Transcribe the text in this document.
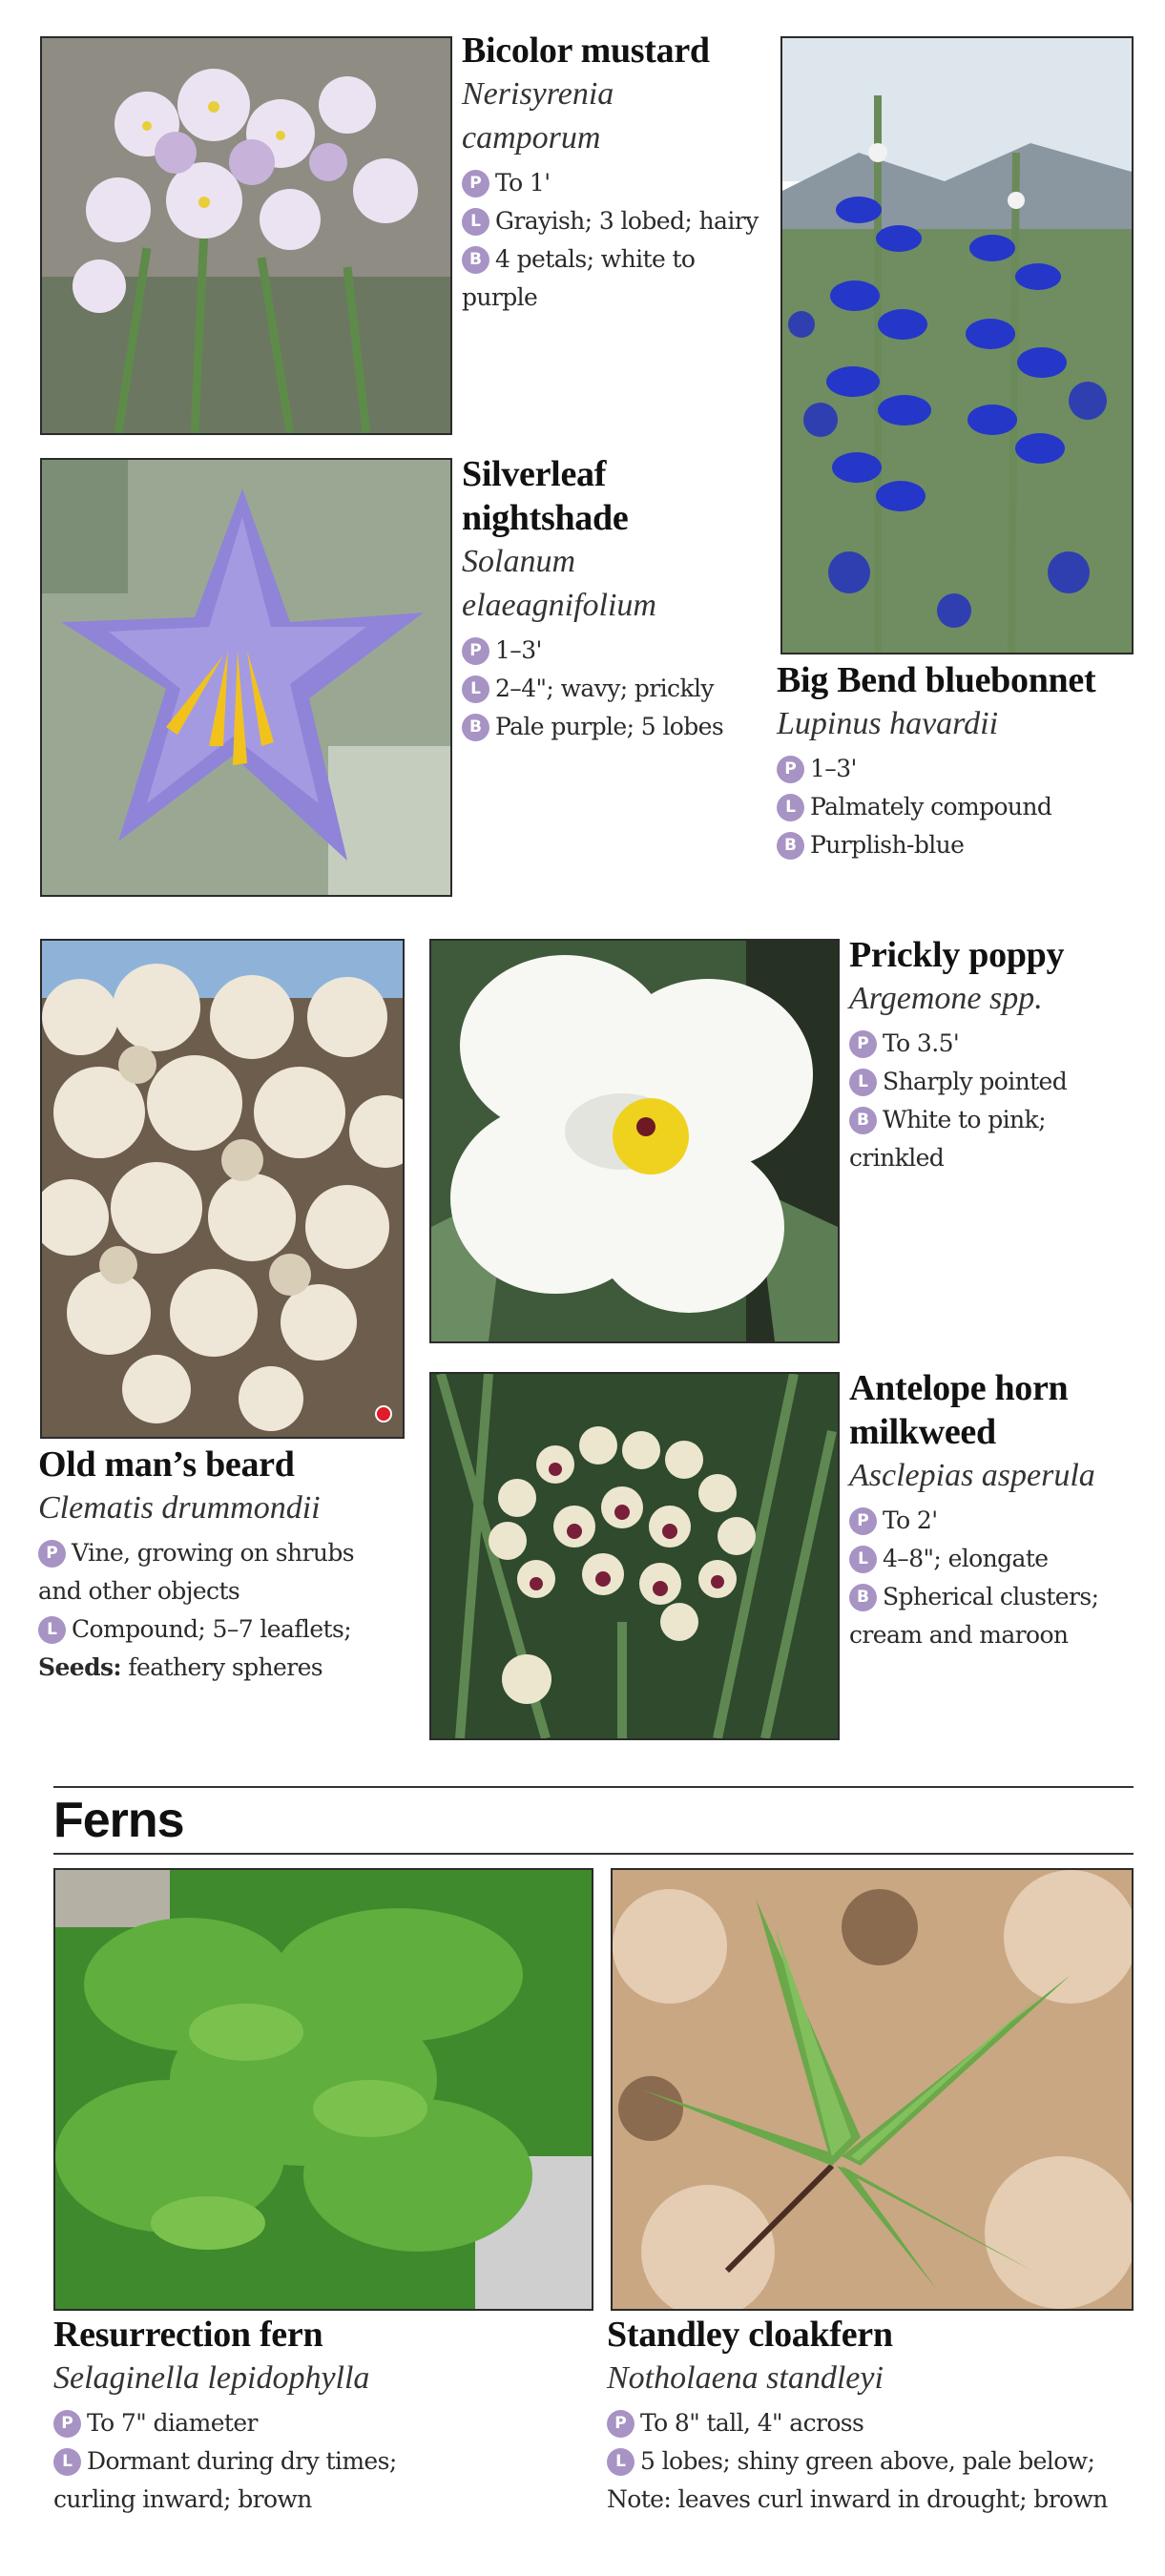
Bicolor mustard
Nerisyrenia
camporum
P To 1'
L Grayish; 3 lobed; hairy
B 4 petals; white to
purple
Silverleaf
nightshade
Solanum
elaeagnifolium
P 1–3'
L 2–4"; wavy; prickly
B Pale purple; 5 lobes
Big Bend bluebonnet
Lupinus havardii
P 1–3'
L Palmately compound
B Purplish-blue
Prickly poppy
Argemone spp.
P To 3.5'
L Sharply pointed
B White to pink;
crinkled
Old man’s beard
Clematis drummondii
P Vine, growing on shrubs
and other objects
L Compound; 5–7 leaflets;
Seeds: feathery spheres
Antelope horn
milkweed
Asclepias asperula
P To 2'
L 4–8"; elongate
B Spherical clusters;
cream and maroon
Ferns
Resurrection fern
Selaginella lepidophylla
P To 7" diameter
L Dormant during dry times;
curling inward; brown
Standley cloakfern
Notholaena standleyi
P To 8" tall, 4" across
L 5 lobes; shiny green above, pale below;
Note: leaves curl inward in drought; brown
